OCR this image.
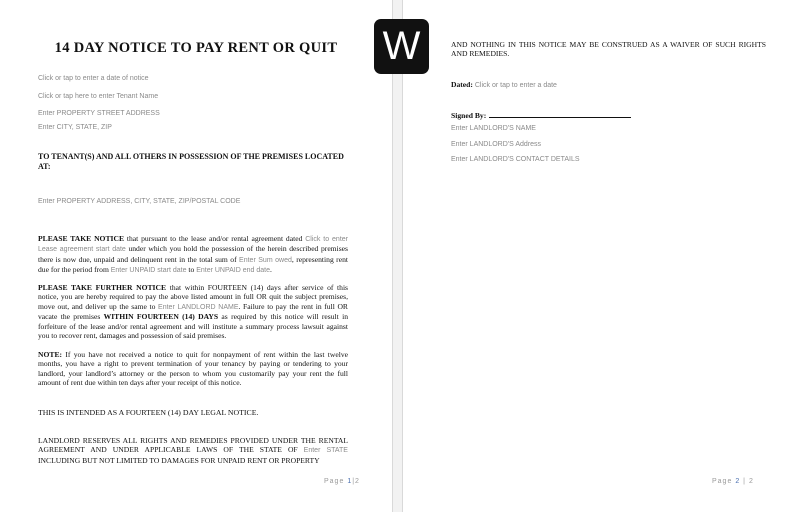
14 DAY NOTICE TO PAY RENT OR QUIT
Click or tap to enter a date of notice
Click or tap here to enter Tenant Name
Enter PROPERTY STREET ADDRESS
Enter CITY, STATE, ZIP
TO TENANT(S) AND ALL OTHERS IN POSSESSION OF THE PREMISES LOCATED AT:
Enter PROPERTY ADDRESS, CITY, STATE, ZIP/POSTAL CODE
PLEASE TAKE NOTICE that pursuant to the lease and/or rental agreement dated Click to enter Lease agreement start date under which you hold the possession of the herein described premises there is now due, unpaid and delinquent rent in the total sum of Enter Sum owed, representing rent due for the period from Enter UNPAID start date to Enter UNPAID end date.
PLEASE TAKE FURTHER NOTICE that within FOURTEEN (14) days after service of this notice, you are hereby required to pay the above listed amount in full OR quit the subject premises, move out, and deliver up the same to Enter LANDLORD NAME. Failure to pay the rent in full OR vacate the premises WITHIN FOURTEEN (14) DAYS as required by this notice will result in forfeiture of the lease and/or rental agreement and will institute a summary process lawsuit against you to recover rent, damages and possession of said premises.
NOTE: If you have not received a notice to quit for nonpayment of rent within the last twelve months, you have a right to prevent termination of your tenancy by paying or tendering to your landlord, your landlord’s attorney or the person to whom you customarily pay your rent the full amount of rent due within ten days after your receipt of this notice.
THIS IS INTENDED AS A FOURTEEN (14) DAY LEGAL NOTICE.
LANDLORD RESERVES ALL RIGHTS AND REMEDIES PROVIDED UNDER THE RENTAL AGREEMENT AND UNDER APPLICABLE LAWS OF THE STATE OF Enter STATE INCLUDING BUT NOT LIMITED TO DAMAGES FOR UNPAID RENT OR PROPERTY
Page 1|2
AND NOTHING IN THIS NOTICE MAY BE CONSTRUED AS A WAIVER OF SUCH RIGHTS AND REMEDIES.
Dated: Click or tap to enter a date
Signed By:
Enter LANDLORD'S NAME
Enter LANDLORD'S Address
Enter LANDLORD'S CONTACT DETAILS
Page 2 | 2
W
